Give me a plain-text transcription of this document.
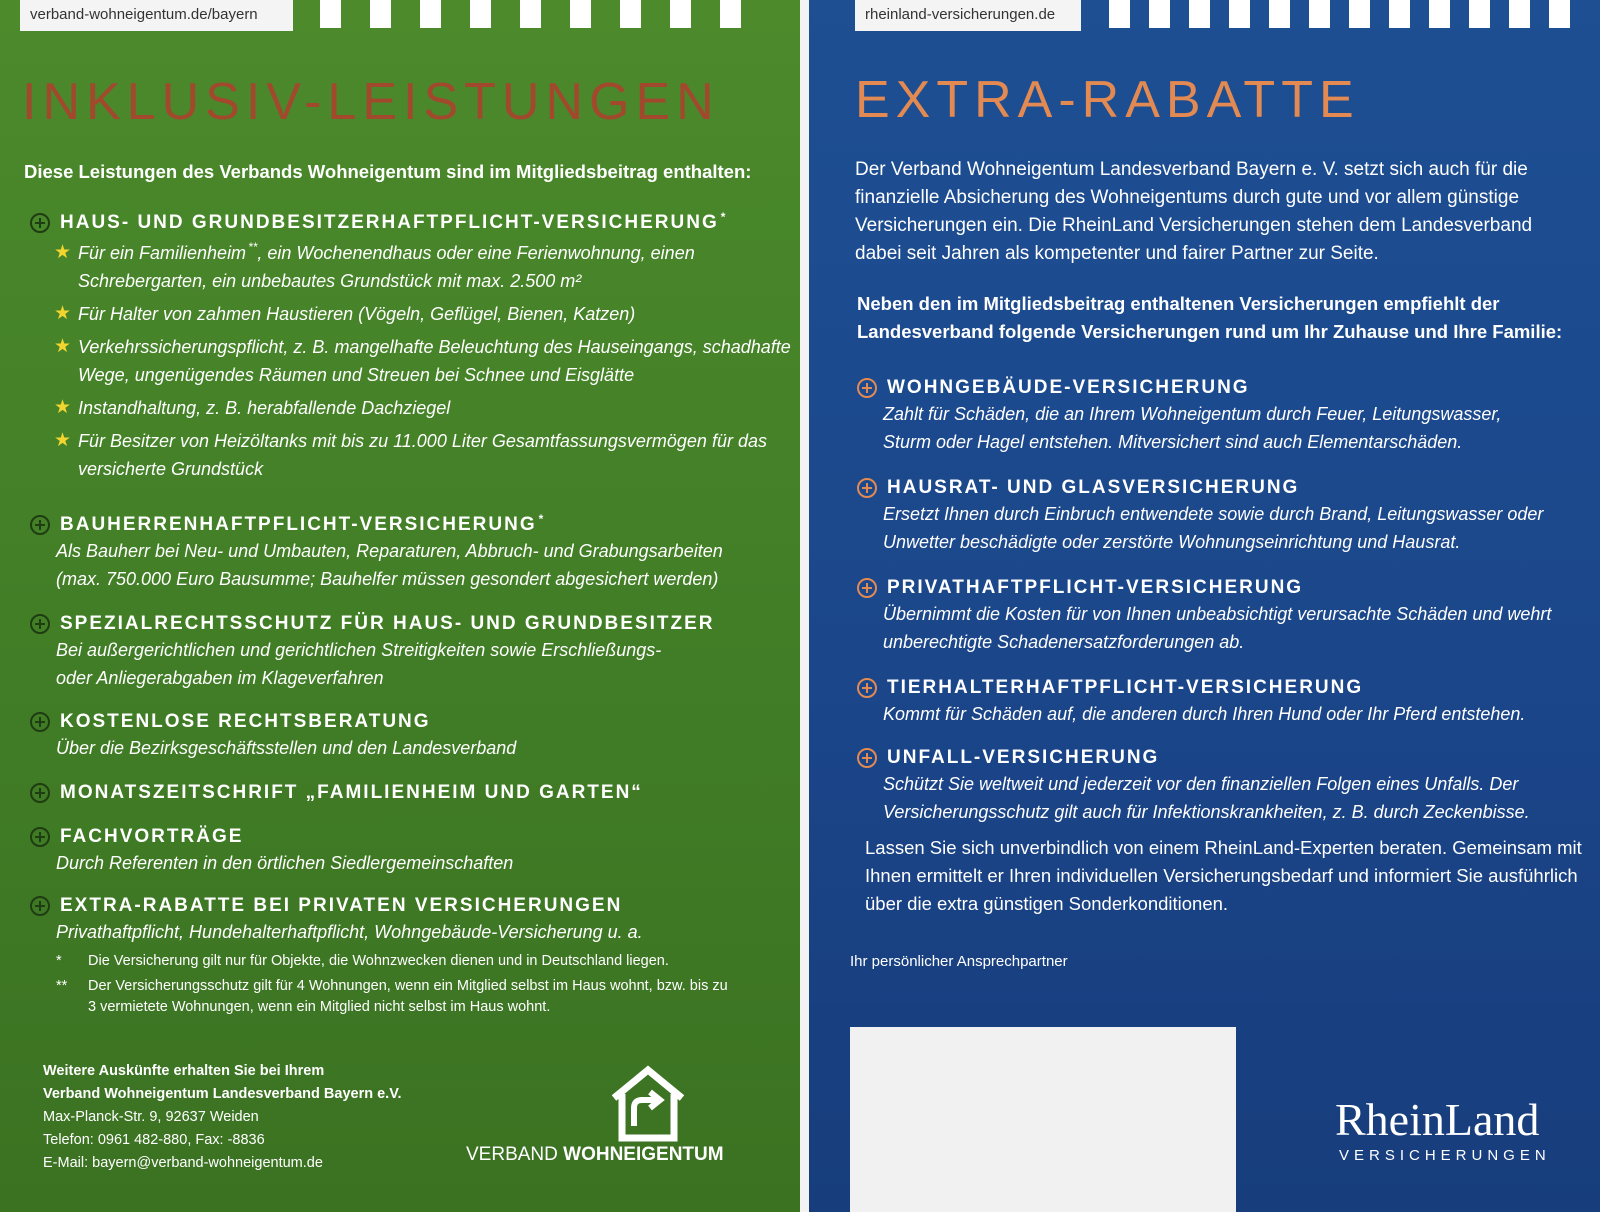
verband-wohneigentum.de/bayern
INKLUSIV-LEISTUNGEN
Diese Leistungen des Verbands Wohneigentum sind im Mitgliedsbeitrag enthalten:
HAUS- UND GRUNDBESITZERHAFTPFLICHT-VERSICHERUNG *
★ Für ein Familienheim **, ein Wochenendhaus oder eine Ferienwohnung, einen Schrebergarten, ein unbebautes Grundstück mit max. 2.500 m²
★ Für Halter von zahmen Haustieren (Vögeln, Geflügel, Bienen, Katzen)
★ Verkehrssicherungspflicht, z. B. mangelhafte Beleuchtung des Hauseingangs, schadhafte Wege, ungenügendes Räumen und Streuen bei Schnee und Eisglätte
★ Instandhaltung, z. B. herabfallende Dachziegel
★ Für Besitzer von Heizöltanks mit bis zu 11.000 Liter Gesamtfassungsvermögen für das versicherte Grundstück
BAUHERRENHAFTPFLICHT-VERSICHERUNG *
Als Bauherr bei Neu- und Umbauten, Reparaturen, Abbruch- und Grabungsarbeiten (max. 750.000 Euro Bausumme; Bauhelfer müssen gesondert abgesichert werden)
SPEZIALRECHTSSCHUTZ FÜR HAUS- UND GRUNDBESITZER
Bei außergerichtlichen und gerichtlichen Streitigkeiten sowie Erschließungs- oder Anliegerabgaben im Klageverfahren
KOSTENLOSE RECHTSBERATUNG
Über die Bezirksgeschäftsstellen und den Landesverband
MONATSZEITSCHRIFT „FAMILIENHEIM UND GARTEN“
FACHVORTRÄGE
Durch Referenten in den örtlichen Siedlergemeinschaften
EXTRA-RABATTE BEI PRIVATEN VERSICHERUNGEN
Privathaftpflicht, Hundehalterhaftpflicht, Wohngebäude-Versicherung u. a.
* Die Versicherung gilt nur für Objekte, die Wohnzwecken dienen und in Deutschland liegen.
** Der Versicherungsschutz gilt für 4 Wohnungen, wenn ein Mitglied selbst im Haus wohnt, bzw. bis zu 3 vermietete Wohnungen, wenn ein Mitglied nicht selbst im Haus wohnt.
Weitere Auskünfte erhalten Sie bei Ihrem
Verband Wohneigentum Landesverband Bayern e.V.
Max-Planck-Str. 9, 92637 Weiden
Telefon: 0961 482-880, Fax: -8836
E-Mail: bayern@verband-wohneigentum.de	VERBAND WOHNEIGENTUM
rheinland-versicherungen.de
EXTRA-RABATTE
Der Verband Wohneigentum Landesverband Bayern e. V. setzt sich auch für die finanzielle Absicherung des Wohneigentums durch gute und vor allem günstige Versicherungen ein. Die RheinLand Versicherungen stehen dem Landesverband dabei seit Jahren als kompetenter und fairer Partner zur Seite.
Neben den im Mitgliedsbeitrag enthaltenen Versicherungen empfiehlt der Landesverband folgende Versicherungen rund um Ihr Zuhause und Ihre Familie:
WOHNGEBÄUDE-VERSICHERUNG
Zahlt für Schäden, die an Ihrem Wohneigentum durch Feuer, Leitungswasser, Sturm oder Hagel entstehen. Mitversichert sind auch Elementarschäden.
HAUSRAT- UND GLASVERSICHERUNG
Ersetzt Ihnen durch Einbruch entwendete sowie durch Brand, Leitungswasser oder Unwetter beschädigte oder zerstörte Wohnungseinrichtung und Hausrat.
PRIVATHAFTPFLICHT-VERSICHERUNG
Übernimmt die Kosten für von Ihnen unbeabsichtigt verursachte Schäden und wehrt unberechtigte Schadenersatzforderungen ab.
TIERHALTERHAFTPFLICHT-VERSICHERUNG
Kommt für Schäden auf, die anderen durch Ihren Hund oder Ihr Pferd entstehen.
UNFALL-VERSICHERUNG
Schützt Sie weltweit und jederzeit vor den finanziellen Folgen eines Unfalls. Der Versicherungsschutz gilt auch für Infektionskrankheiten, z. B. durch Zeckenbisse.
Lassen Sie sich unverbindlich von einem RheinLand-Experten beraten. Gemeinsam mit Ihnen ermittelt er Ihren individuellen Versicherungsbedarf und informiert Sie ausführlich über die extra günstigen Sonderkonditionen.
Ihr persönlicher Ansprechpartner
RheinLand
VERSICHERUNGEN
